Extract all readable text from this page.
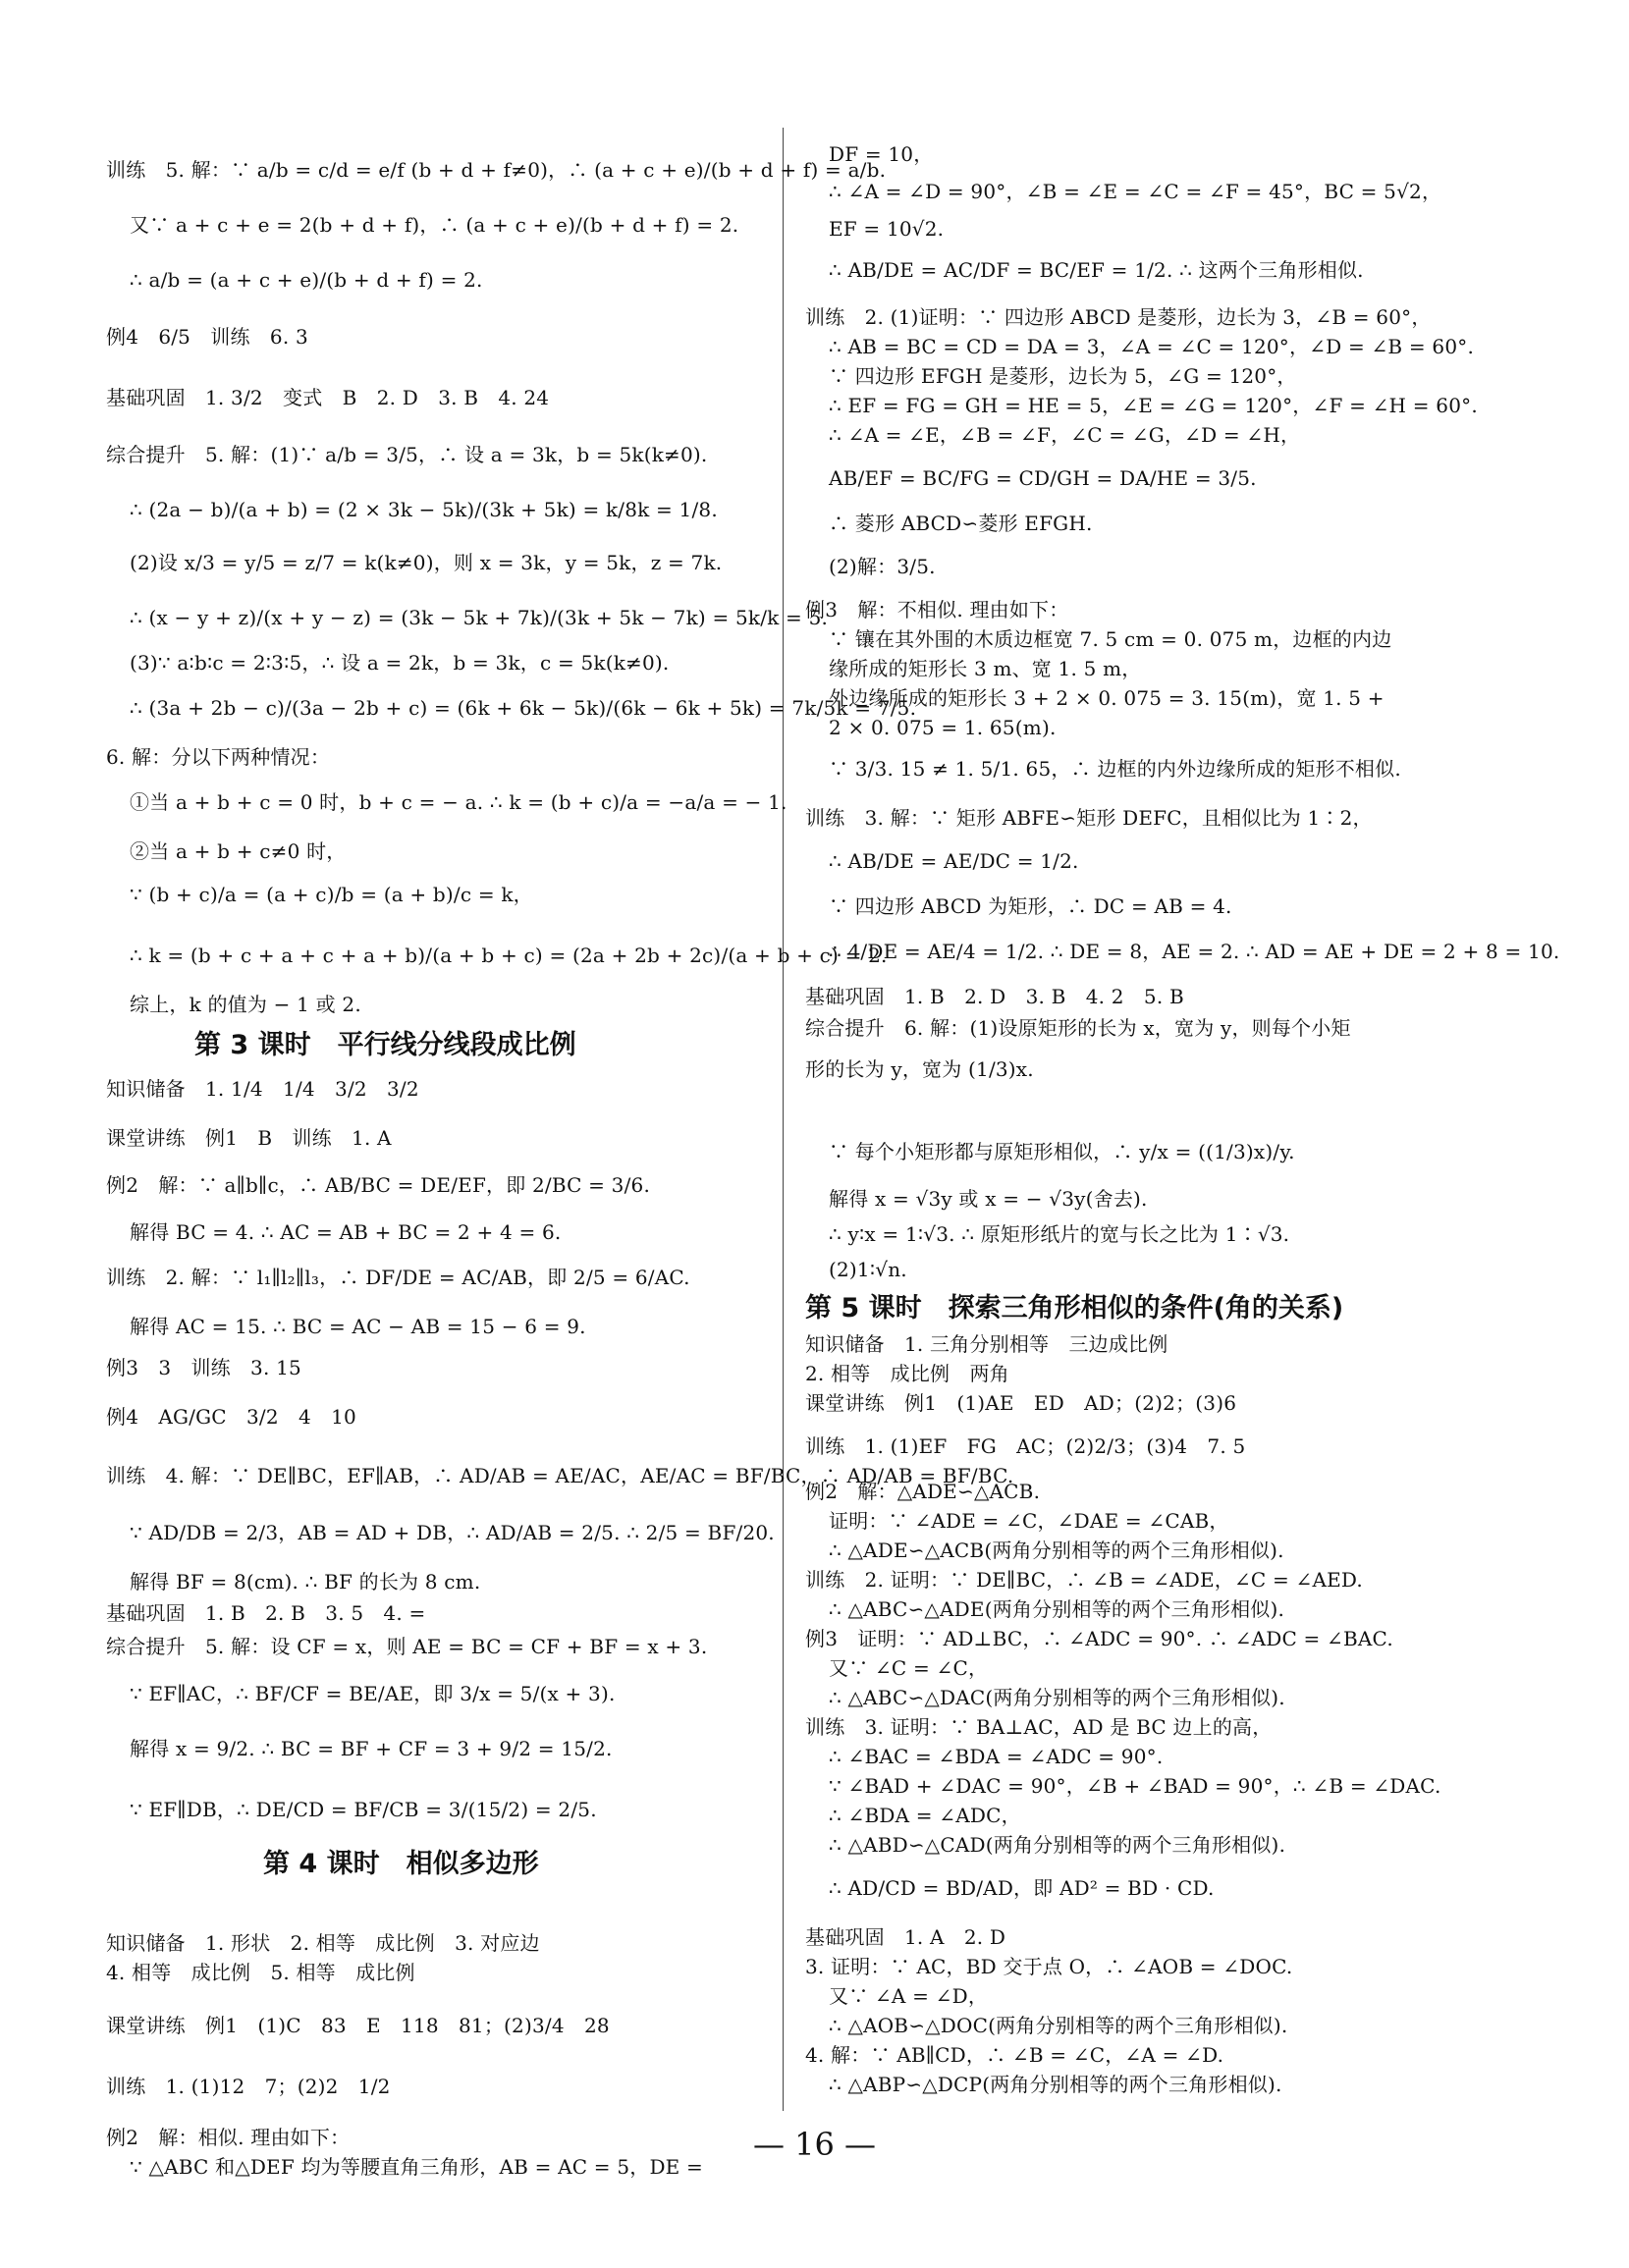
训练　5. 解：∵ a/b = c/d = e/f (b + d + f≠0)，∴ (a + c + e)/(b + d + f) = a/b.
又∵ a + c + e = 2(b + d + f)，∴ (a + c + e)/(b + d + f) = 2.
∴ a/b = (a + c + e)/(b + d + f) = 2.
例4　6/5　训练　6. 3
基础巩固　1. 3/2　变式　B　2. D　3. B　4. 24
综合提升　5. 解：(1)∵ a/b = 3/5，∴ 设 a = 3k，b = 5k(k≠0).
∴ (2a − b)/(a + b) = (2 × 3k − 5k)/(3k + 5k) = k/8k = 1/8.
(2)设 x/3 = y/5 = z/7 = k(k≠0)，则 x = 3k，y = 5k，z = 7k.
∴ (x − y + z)/(x + y − z) = (3k − 5k + 7k)/(3k + 5k − 7k) = 5k/k = 5.
(3)∵ a∶b∶c = 2∶3∶5，∴ 设 a = 2k，b = 3k，c = 5k(k≠0).
∴ (3a + 2b − c)/(3a − 2b + c) = (6k + 6k − 5k)/(6k − 6k + 5k) = 7k/5k = 7/5.
6. 解：分以下两种情况：
①当 a + b + c = 0 时，b + c = − a. ∴ k = (b + c)/a = −a/a = − 1.
②当 a + b + c≠0 时，
∵ (b + c)/a = (a + c)/b = (a + b)/c = k，
∴ k = (b + c + a + c + a + b)/(a + b + c) = (2a + 2b + 2c)/(a + b + c) = 2.
综上，k 的值为 − 1 或 2.
知识储备　1. 1/4　1/4　3/2　3/2
课堂讲练　例1　B　训练　1. A
例2　解：∵ a∥b∥c，∴ AB/BC = DE/EF，即 2/BC = 3/6.
解得 BC = 4. ∴ AC = AB + BC = 2 + 4 = 6.
训练　2. 解：∵ l₁∥l₂∥l₃，∴ DF/DE = AC/AB，即 2/5 = 6/AC.
解得 AC = 15. ∴ BC = AC − AB = 15 − 6 = 9.
例3　3　训练　3. 15
例4　AG/GC　3/2　4　10
训练　4. 解：∵ DE∥BC，EF∥AB，∴ AD/AB = AE/AC，AE/AC = BF/BC，∴ AD/AB = BF/BC.
∵ AD/DB = 2/3，AB = AD + DB，∴ AD/AB = 2/5. ∴ 2/5 = BF/20.
解得 BF = 8(cm). ∴ BF 的长为 8 cm.
基础巩固　1. B　2. B　3. 5　4. =
综合提升　5. 解：设 CF = x，则 AE = BC = CF + BF = x + 3.
∵ EF∥AC，∴ BF/CF = BE/AE，即 3/x = 5/(x + 3).
解得 x = 9/2. ∴ BC = BF + CF = 3 + 9/2 = 15/2.
∵ EF∥DB，∴ DE/CD = BF/CB = 3/(15/2) = 2/5.
知识储备　1. 形状　2. 相等　成比例　3. 对应边
4. 相等　成比例　5. 相等　成比例
课堂讲练　例1　(1)C　83　E　118　81；(2)3/4　28
训练　1. (1)12　7；(2)2　1/2
例2　解：相似. 理由如下：
∵ △ABC 和△DEF 均为等腰直角三角形，AB = AC = 5，DE =
第 3 课时　平行线分线段成比例
第 4 课时　相似多边形
DF = 10，
∴ ∠A = ∠D = 90°，∠B = ∠E = ∠C = ∠F = 45°，BC = 5√2，
EF = 10√2.
∴ AB/DE = AC/DF = BC/EF = 1/2. ∴ 这两个三角形相似.
训练　2. (1)证明：∵ 四边形 ABCD 是菱形，边长为 3，∠B = 60°，
∴ AB = BC = CD = DA = 3，∠A = ∠C = 120°，∠D = ∠B = 60°.
∵ 四边形 EFGH 是菱形，边长为 5，∠G = 120°，
∴ EF = FG = GH = HE = 5，∠E = ∠G = 120°，∠F = ∠H = 60°.
∴ ∠A = ∠E，∠B = ∠F，∠C = ∠G，∠D = ∠H，
AB/EF = BC/FG = CD/GH = DA/HE = 3/5.
∴ 菱形 ABCD∽菱形 EFGH.
(2)解：3/5.
例3　解：不相似. 理由如下：
∵ 镶在其外围的木质边框宽 7. 5 cm = 0. 075 m，边框的内边
缘所成的矩形长 3 m、宽 1. 5 m，
外边缘所成的矩形长 3 + 2 × 0. 075 = 3. 15(m)，宽 1. 5 +
2 × 0. 075 = 1. 65(m).
∵ 3/3. 15 ≠ 1. 5/1. 65，∴ 边框的内外边缘所成的矩形不相似.
训练　3. 解：∵ 矩形 ABFE∽矩形 DEFC，且相似比为 1∶2，
∴ AB/DE = AE/DC = 1/2.
∵ 四边形 ABCD 为矩形，∴ DC = AB = 4.
∴ 4/DE = AE/4 = 1/2. ∴ DE = 8，AE = 2. ∴ AD = AE + DE = 2 + 8 = 10.
基础巩固　1. B　2. D　3. B　4. 2　5. B
综合提升　6. 解：(1)设原矩形的长为 x，宽为 y，则每个小矩
形的长为 y，宽为 (1/3)x.
∵ 每个小矩形都与原矩形相似，∴ y/x = ((1/3)x)/y.
解得 x = √3y 或 x = − √3y(舍去).
∴ y∶x = 1∶√3. ∴ 原矩形纸片的宽与长之比为 1∶√3.
(2)1∶√n.
知识储备　1. 三角分别相等　三边成比例
2. 相等　成比例　两角
课堂讲练　例1　(1)AE　ED　AD；(2)2；(3)6
训练　1. (1)EF　FG　AC；(2)2/3；(3)4　7. 5
例2　解：△ADE∽△ACB.
证明：∵ ∠ADE = ∠C，∠DAE = ∠CAB，
∴ △ADE∽△ACB(两角分别相等的两个三角形相似).
训练　2. 证明：∵ DE∥BC，∴ ∠B = ∠ADE，∠C = ∠AED.
∴ △ABC∽△ADE(两角分别相等的两个三角形相似).
例3　证明：∵ AD⊥BC，∴ ∠ADC = 90°. ∴ ∠ADC = ∠BAC.
又∵ ∠C = ∠C，
∴ △ABC∽△DAC(两角分别相等的两个三角形相似).
训练　3. 证明：∵ BA⊥AC，AD 是 BC 边上的高，
∴ ∠BAC = ∠BDA = ∠ADC = 90°.
∵ ∠BAD + ∠DAC = 90°，∠B + ∠BAD = 90°，∴ ∠B = ∠DAC.
∴ ∠BDA = ∠ADC，
∴ △ABD∽△CAD(两角分别相等的两个三角形相似).
∴ AD/CD = BD/AD，即 AD² = BD · CD.
基础巩固　1. A　2. D
3. 证明：∵ AC，BD 交于点 O，∴ ∠AOB = ∠DOC.
又∵ ∠A = ∠D，
∴ △AOB∽△DOC(两角分别相等的两个三角形相似).
4. 解：∵ AB∥CD，∴ ∠B = ∠C，∠A = ∠D.
∴ △ABP∽△DCP(两角分别相等的两个三角形相似).
第 5 课时　探索三角形相似的条件(角的关系)
— 16 —
